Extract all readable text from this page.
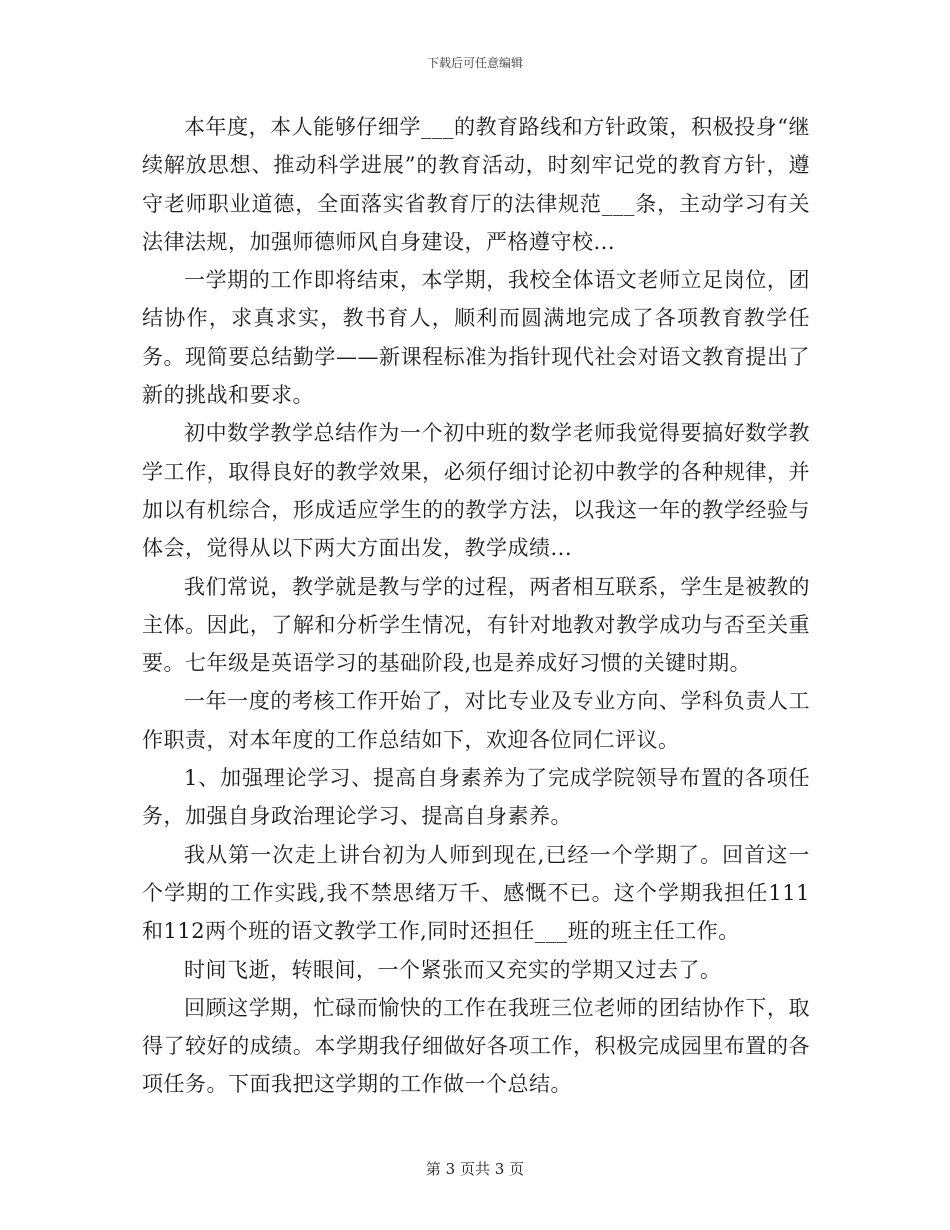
下载后可任意编辑

本年度，本人能够仔细学___的教育路线和方针政策，积极投身“继续解放思想、推动科学进展”的教育活动，时刻牢记党的教育方针，遵守老师职业道德，全面落实省教育厅的法律规范___条，主动学习有关法律法规，加强师德师风自身建设，严格遵守校...

一学期的工作即将结束，本学期，我校全体语文老师立足岗位，团结协作，求真求实，教书育人，顺利而圆满地完成了各项教育教学任务。现简要总结勤学——新课程标准为指针现代社会对语文教育提出了新的挑战和要求。

初中数学教学总结作为一个初中班的数学老师我觉得要搞好数学教学工作，取得良好的教学效果，必须仔细讨论初中教学的各种规律，并加以有机综合，形成适应学生的的教学方法，以我这一年的教学经验与体会，觉得从以下两大方面出发，教学成绩...

我们常说，教学就是教与学的过程，两者相互联系，学生是被教的主体。因此，了解和分析学生情况，有针对地教对教学成功与否至关重要。七年级是英语学习的基础阶段,也是养成好习惯的关键时期。

一年一度的考核工作开始了，对比专业及专业方向、学科负责人工作职责，对本年度的工作总结如下，欢迎各位同仁评议。

1、加强理论学习、提高自身素养为了完成学院领导布置的各项任务，加强自身政治理论学习、提高自身素养。

我从第一次走上讲台初为人师到现在,已经一个学期了。回首这一个学期的工作实践,我不禁思绪万千、感慨不已。这个学期我担任111和112两个班的语文教学工作,同时还担任___班的班主任工作。

时间飞逝，转眼间，一个紧张而又充实的学期又过去了。

回顾这学期，忙碌而愉快的工作在我班三位老师的团结协作下，取得了较好的成绩。本学期我仔细做好各项工作，积极完成园里布置的各项任务。下面我把这学期的工作做一个总结。

第 3 页共 3 页
